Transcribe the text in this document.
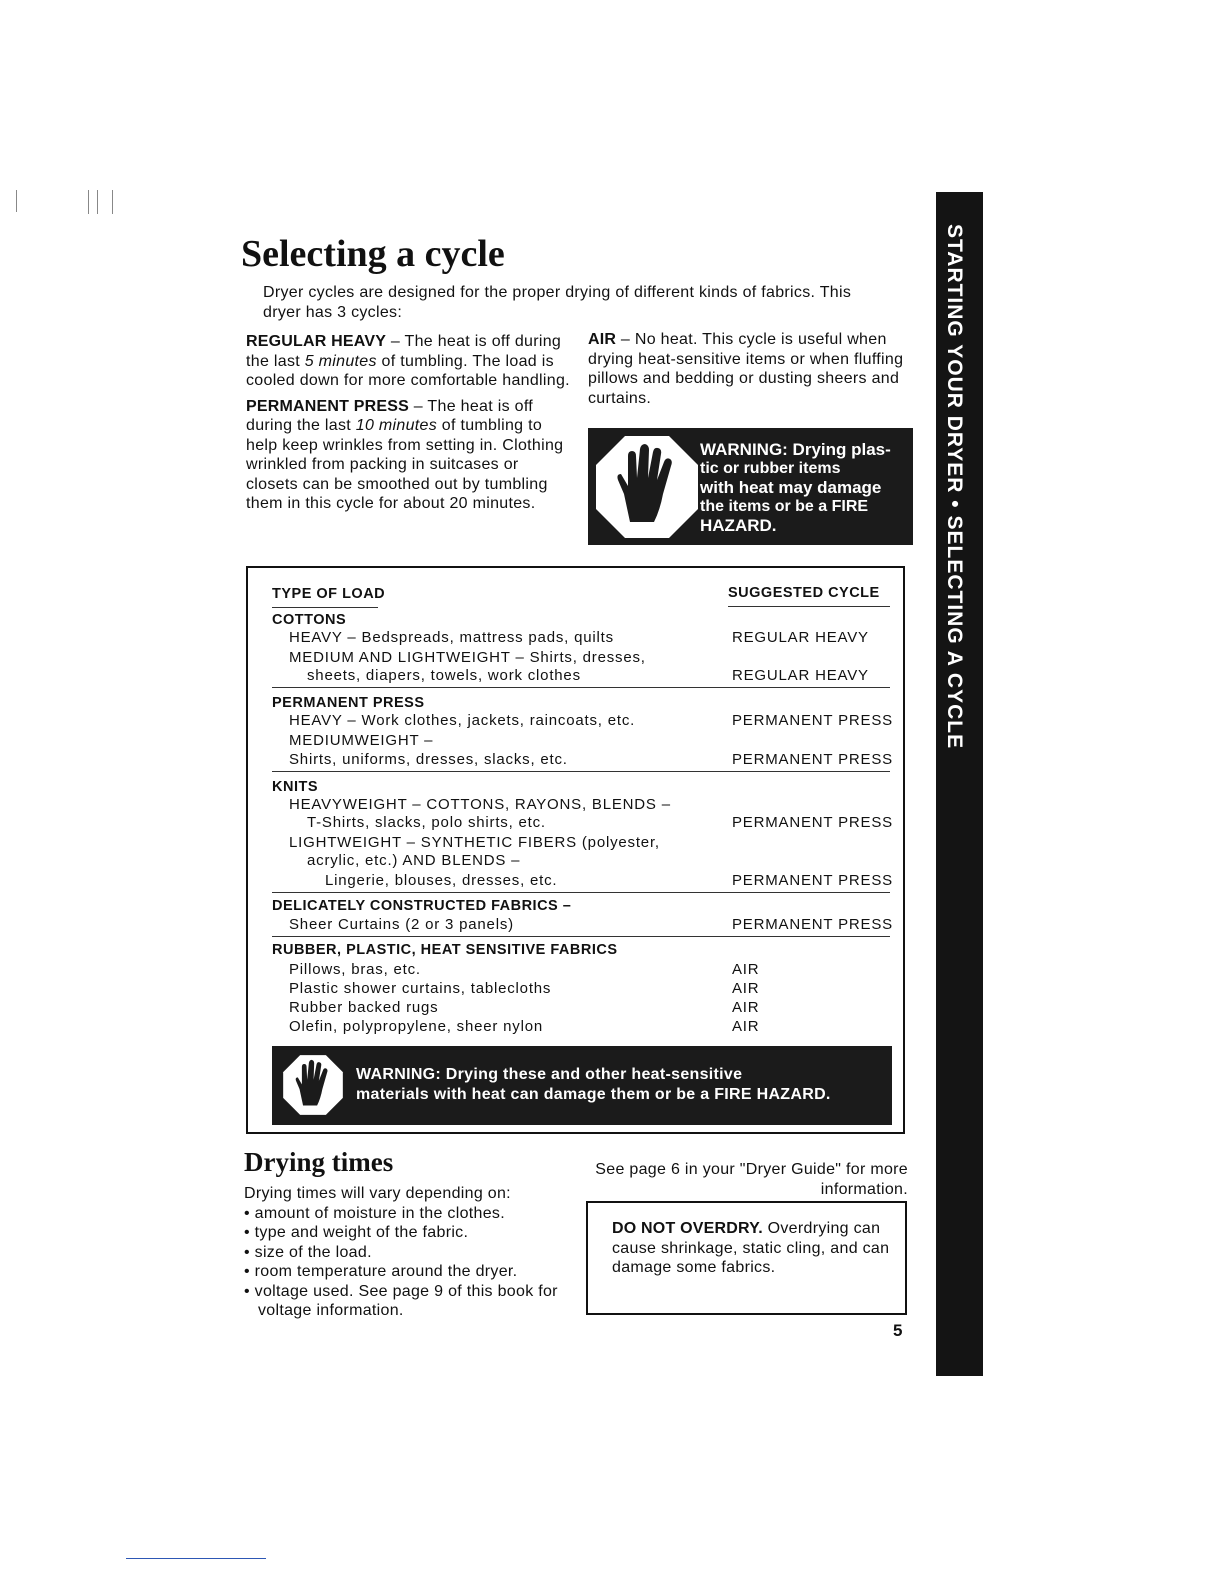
Selecting a cycle
Dryer cycles are designed for the proper drying of different kinds of fabrics. This dryer has 3 cycles:

REGULAR HEAVY – The heat is off during the last 5 minutes of tumbling. The load is cooled down for more comfortable handling.

PERMANENT PRESS – The heat is off during the last 10 minutes of tumbling to help keep wrinkles from setting in. Clothing wrinkled from packing in suitcases or closets can be smoothed out by tumbling them in this cycle for about 20 minutes.

AIR – No heat. This cycle is useful when drying heat-sensitive items or when fluffing pillows and bedding or dusting sheers and curtains.
WARNING: Drying plas-
tic or rubber items
with heat may damage
the items or be a FIRE
HAZARD.
TYPE OF LOAD	SUGGESTED CYCLE
COTTONS
HEAVY – Bedspreads, mattress pads, quilts	REGULAR HEAVY
MEDIUM AND LIGHTWEIGHT – Shirts, dresses,
sheets, diapers, towels, work clothes	REGULAR HEAVY
PERMANENT PRESS
HEAVY – Work clothes, jackets, raincoats, etc.	PERMANENT PRESS
MEDIUMWEIGHT –
Shirts, uniforms, dresses, slacks, etc.	PERMANENT PRESS
KNITS
HEAVYWEIGHT – COTTONS, RAYONS, BLENDS –
T-Shirts, slacks, polo shirts, etc.	PERMANENT PRESS
LIGHTWEIGHT – SYNTHETIC FIBERS (polyester,
acrylic, etc.) AND BLENDS –
Lingerie, blouses, dresses, etc.	PERMANENT PRESS
DELICATELY CONSTRUCTED FABRICS –
Sheer Curtains (2 or 3 panels)	PERMANENT PRESS
RUBBER, PLASTIC, HEAT SENSITIVE FABRICS
Pillows, bras, etc.	AIR
Plastic shower curtains, tablecloths	AIR
Rubber backed rugs	AIR
Olefin, polypropylene, sheer nylon	AIR
WARNING: Drying these and other heat-sensitive
materials with heat can damage them or be a FIRE HAZARD.
Drying times
Drying times will vary depending on:
• amount of moisture in the clothes.
• type and weight of the fabric.
• size of the load.
• room temperature around the dryer.
• voltage used. See page 9 of this book for voltage information.
See page 6 in your "Dryer Guide" for more information.
DO NOT OVERDRY. Overdrying can cause shrinkage, static cling, and can damage some fabrics.
5
STARTING YOUR DRYER • SELECTING A CYCLE
